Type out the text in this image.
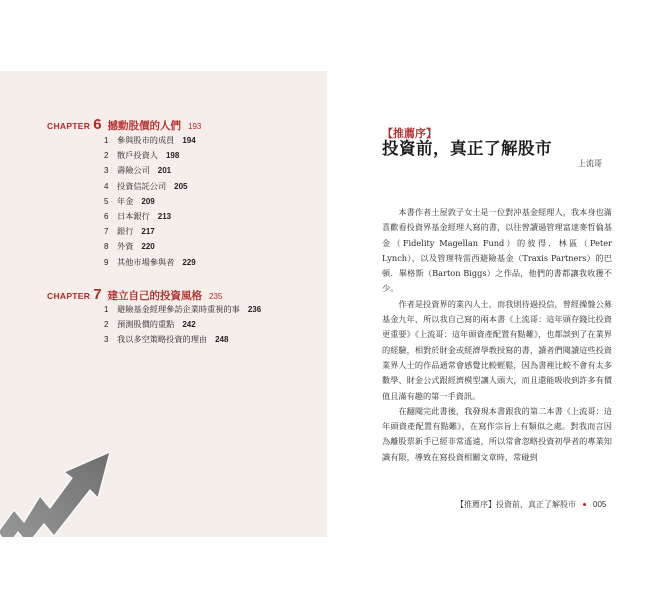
CHAPTER 6 撼動股價的人們 193
1	參與股市的成員 194
2	散戶投資人 198
3	壽險公司 201
4	投資信託公司 205
5	年金 209
6	日本銀行 213
7	銀行 217
8	外資 220
9	其他市場參與者 229
CHAPTER 7 建立自己的投資風格 235
1	避險基金經理參訪企業時重視的事 236
2	預測股價的重點 242
3	我以多空策略投資的理由 248
【推薦序】
投資前，真正了解股市
上流哥

本書作者土屋敦子女士是一位對沖基金經理人，我本身也滿喜歡看投資界基金經理人寫的書，以往曾讀過管理富達麥哲倫基金（Fidelity Magellan Fund）的彼得．林區（Peter Lynch），以及管理特雷西避險基金（Traxis Partners）的巴頓．畢格斯（Barton Biggs）之作品，他們的書都讓我收獲不少。

作者是投資界的業內人士，而我則待過投信，曾經操盤公募基金九年，所以我自己寫的兩本書《上流哥：這年頭存錢比投資更重要》《上流哥：這年頭資產配置有點難》，也都談到了在業界的經驗，相對於財金或經濟學教授寫的書，讀者們閱讀這些投資業界人士的作品通常會感覺比較輕鬆，因為書裡比較不會有太多數學、財金公式跟經濟模型讓人頭大，而且還能吸收到許多有價值且滿有趣的第一手資訊。

在翻閱完此書後，我發現本書跟我的第二本書《上流哥：這年頭資產配置有點難》，在寫作宗旨上有類似之處。對我而言因為離股票新手已經非常遙遠，所以常會忽略投資初學者的專業知識有限，導致在寫投資相關文章時，常碰到

【推薦序】投資前，真正了解股市 005
